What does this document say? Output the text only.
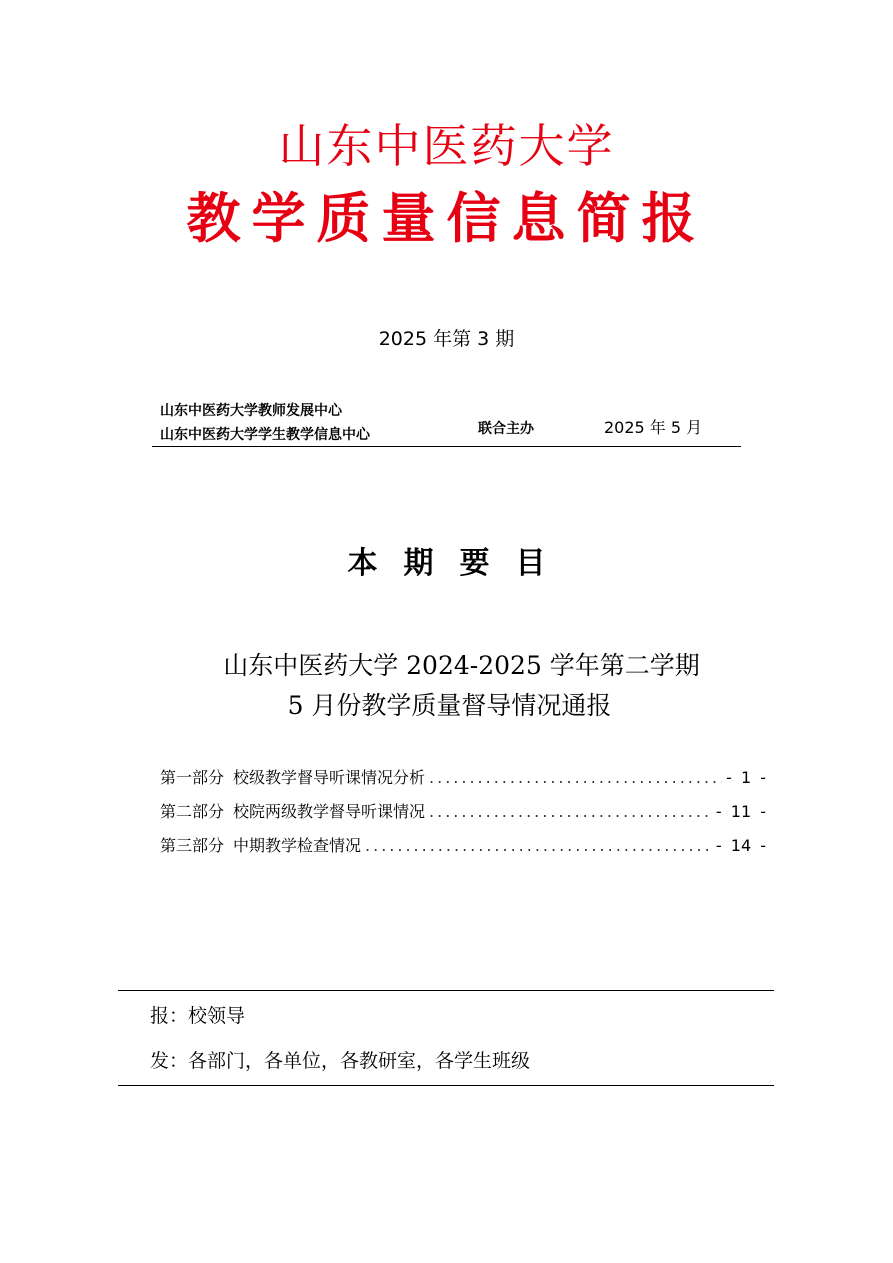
山东中医药大学
教学质量信息简报
2025 年第 3 期
山东中医药大学教师发展中心
山东中医药大学学生教学信息中心	联合主办	2025 年 5 月
本期要目
山东中医药大学 2024-2025 学年第二学期
5 月份教学质量督导情况通报
第一部分 校级教学督导听课情况分析 .....	- 1 -
第二部分 校院两级教学督导听课情况 .....	- 11 -
第三部分 中期教学检查情况 .....	- 14 -
报：校领导
发：各部门，各单位，各教研室，各学生班级
